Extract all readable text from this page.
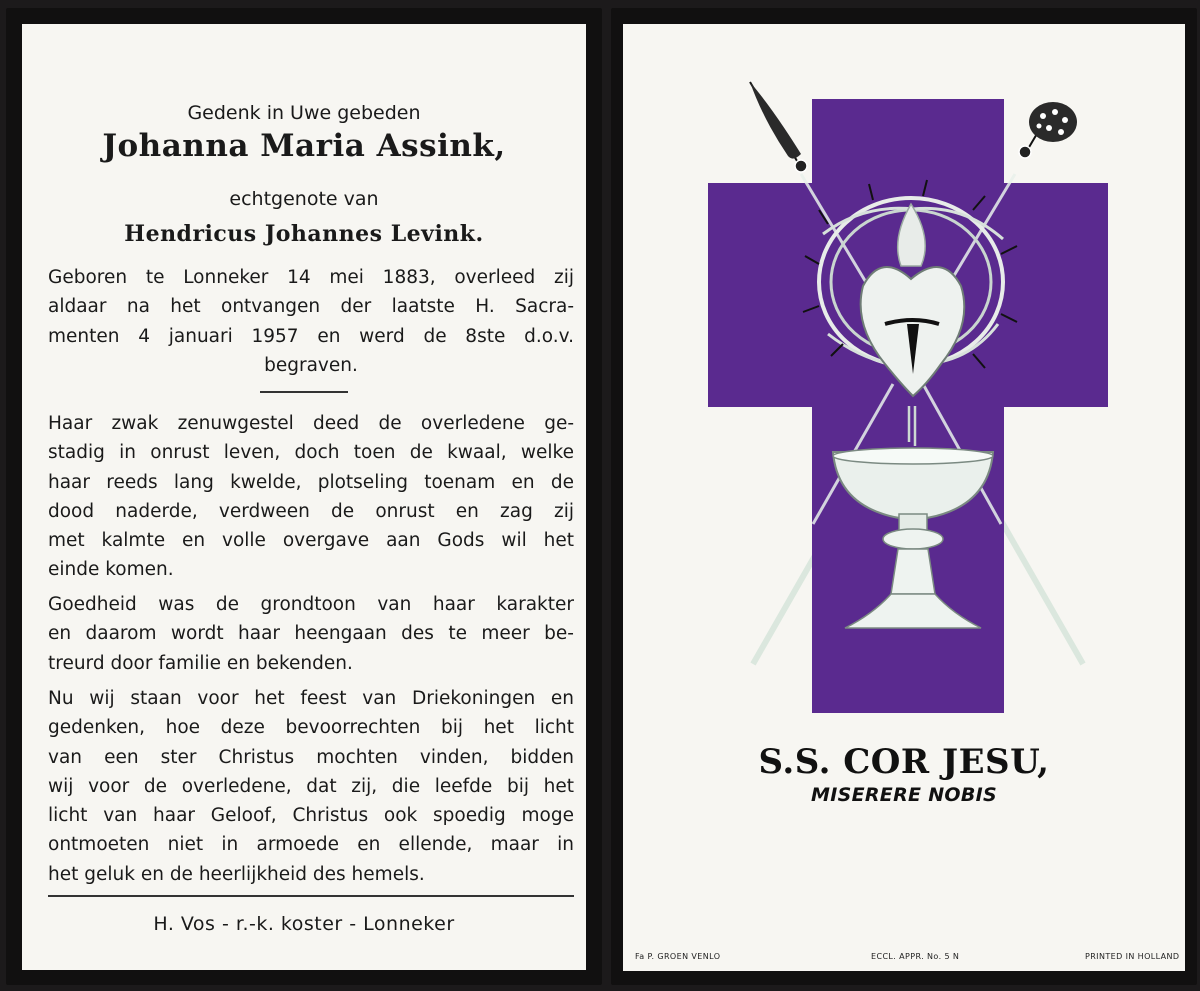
Gedenk in Uwe gebeden
Johanna Maria Assink,
echtgenote van
Hendricus Johannes Levink.
Geboren te Lonneker 14 mei 1883, overleed zij
aldaar na het ontvangen der laatste H. Sacra-
menten 4 januari 1957 en werd de 8ste d.o.v.
begraven.
Haar zwak zenuwgestel deed de overledene ge-
stadig in onrust leven, doch toen de kwaal, welke
haar reeds lang kwelde, plotseling toenam en de
dood naderde, verdween de onrust en zag zij
met kalmte en volle overgave aan Gods wil het
einde komen.
Goedheid was de grondtoon van haar karakter
en daarom wordt haar heengaan des te meer be-
treurd door familie en bekenden.
Nu wij staan voor het feest van Driekoningen en
gedenken, hoe deze bevoorrechten bij het licht
van een ster Christus mochten vinden, bidden
wij voor de overledene, dat zij, die leefde bij het
licht van haar Geloof, Christus ook spoedig moge
ontmoeten niet in armoede en ellende, maar in
het geluk en de heerlijkheid des hemels.
H. Vos - r.-k. koster - Lonneker
S.S. COR JESU,
MISERERE NOBIS
Fa P. GROEN VENLO	ECCL. APPR. No. 5 N	PRINTED IN HOLLAND
